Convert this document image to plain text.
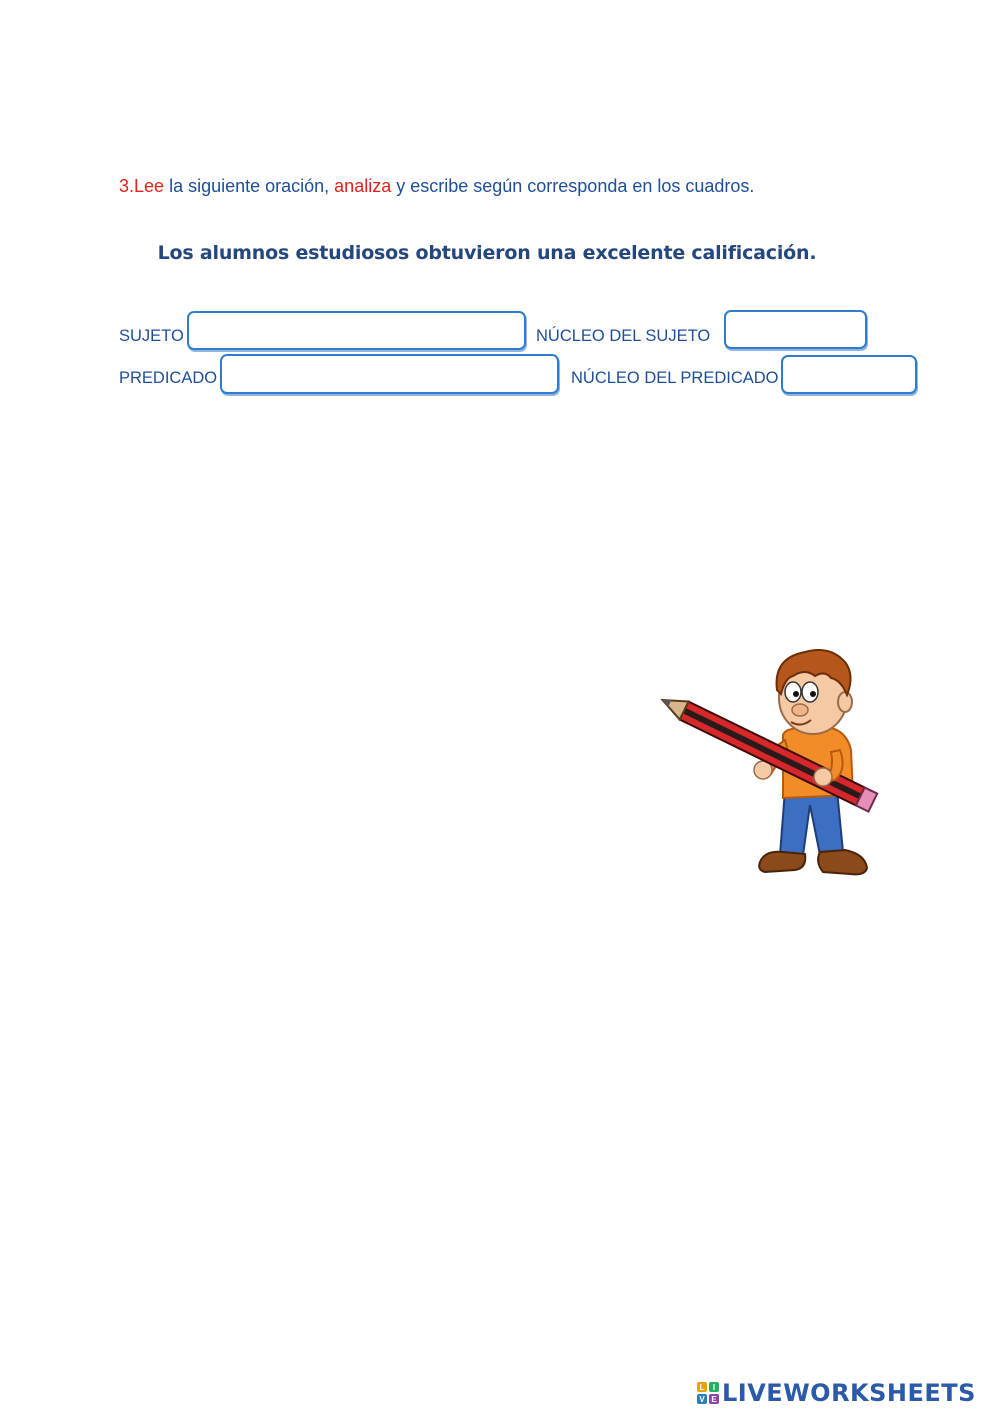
3.Lee la siguiente oración, analiza y escribe según corresponda en los cuadros.
Los alumnos estudiosos obtuvieron una excelente calificación.
SUJETO	NÚCLEO DEL SUJETO
PREDICADO	NÚCLEO DEL PREDICADO
L	I
V E LIVEWORKSHEETS
